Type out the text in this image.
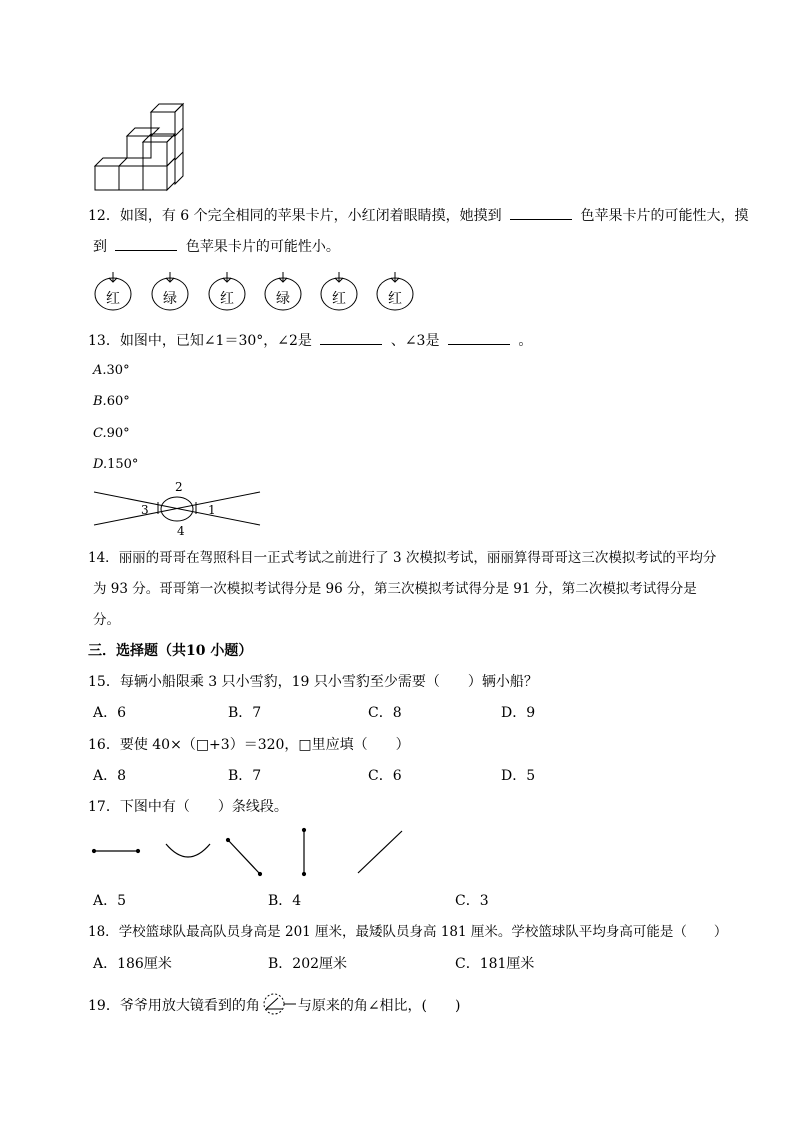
12．如图，有 6 个完全相同的苹果卡片，小红闭着眼睛摸，她摸到	色苹果卡片的可能性大，摸
到	色苹果卡片的可能性小。
红	绿	红	绿	红	红
13．如图中，已知∠1＝30°，∠2是	、∠3是	。
A.30°
B.60°
C.90°
D.150°
2
1
3
4
14．丽丽的哥哥在驾照科目一正式考试之前进行了 3 次模拟考试，丽丽算得哥哥这三次模拟考试的平均分
为 93 分。哥哥第一次模拟考试得分是 96 分，第三次模拟考试得分是 91 分，第二次模拟考试得分是
分。
三．选择题（共10 小题）
15．每辆小船限乘 3 只小雪豹，19 只小雪豹至少需要（　　）辆小船？
A．6	B．7	C．8	D．9
16．要使 40×（□+3）＝320，□里应填（　　）
A．8	B．7	C．6	D．5
17．下图中有（　　）条线段。
A．5	B．4	C．3
18．学校篮球队最高队员身高是 201 厘米，最矮队员身高 181 厘米。学校篮球队平均身高可能是（　　）
A．186厘米	B．202厘米	C．181厘米
19．爷爷用放大镜看到的角	与原来的角∠相比，(　　)
